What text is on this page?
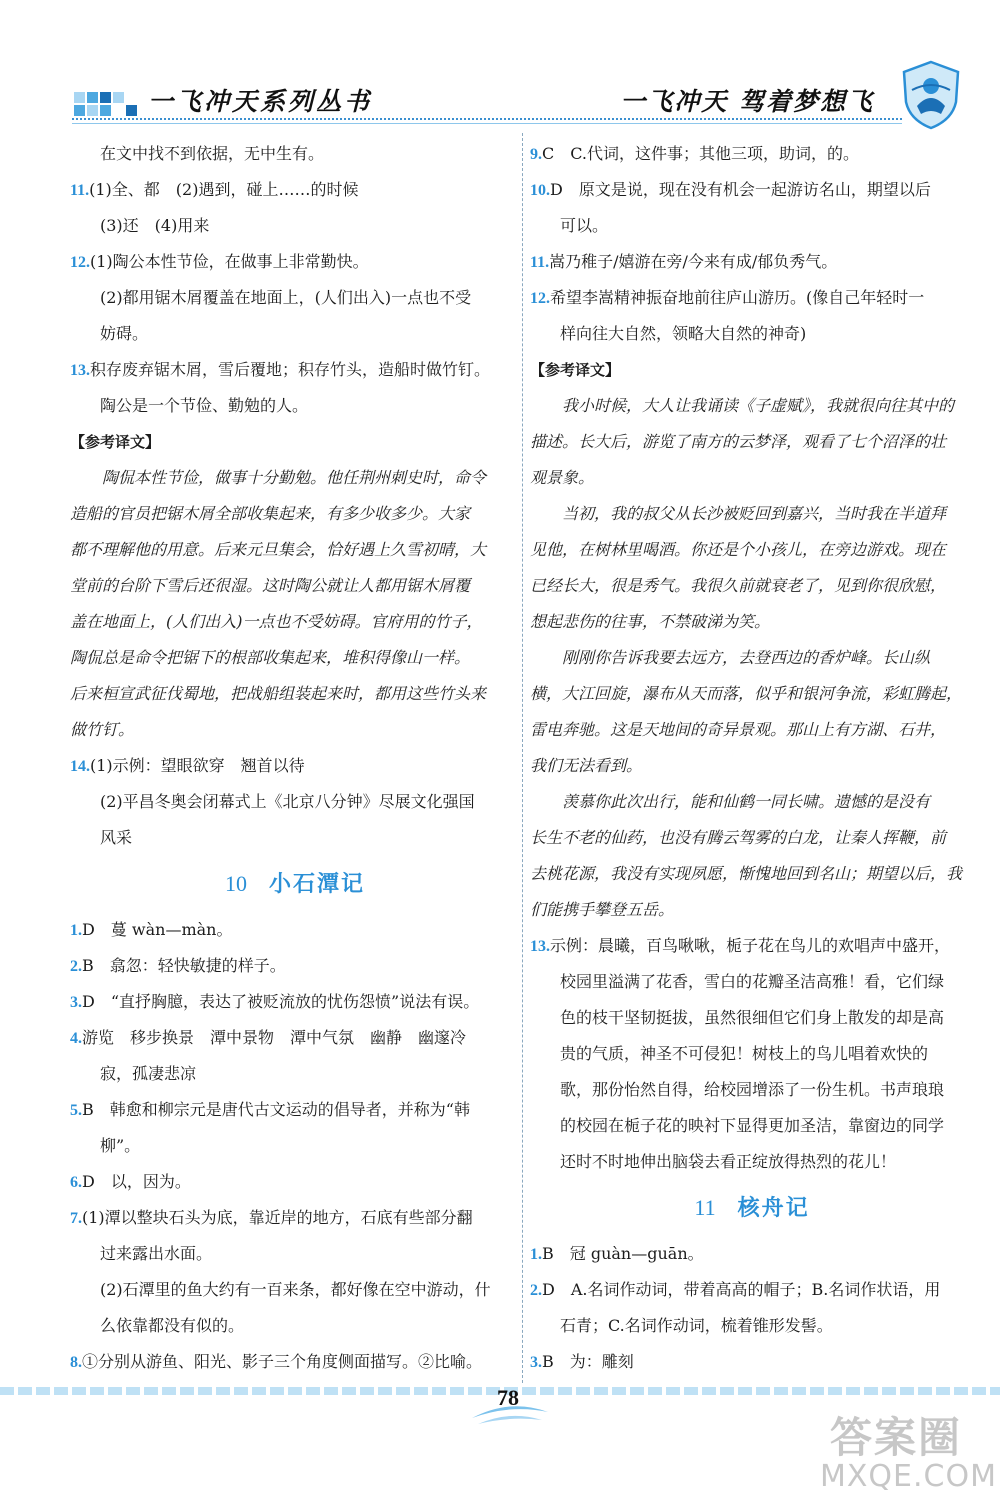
一飞冲天系列丛书	一飞冲天 驾着梦想飞
在文中找不到依据，无中生有。
11.(1)全、都　(2)遇到，碰上……的时候
(3)还　(4)用来
12.(1)陶公本性节俭，在做事上非常勤快。
(2)都用锯木屑覆盖在地面上，(人们出入)一点也不受
妨碍。
13.积存废弃锯木屑，雪后覆地；积存竹头，造船时做竹钉。
陶公是一个节俭、勤勉的人。
【参考译文】
陶侃本性节俭，做事十分勤勉。他任荆州刺史时，命令
造船的官员把锯木屑全部收集起来，有多少收多少。大家
都不理解他的用意。后来元旦集会，恰好遇上久雪初晴，大
堂前的台阶下雪后还很湿。这时陶公就让人都用锯木屑覆
盖在地面上，(人们出入)一点也不受妨碍。官府用的竹子，
陶侃总是命令把锯下的根部收集起来，堆积得像山一样。
后来桓宣武征伐蜀地，把战船组装起来时，都用这些竹头来
做竹钉。
14.(1)示例：望眼欲穿　翘首以待
(2)平昌冬奥会闭幕式上《北京八分钟》尽展文化强国
风采
10 小石潭记
1.D　蔓 wàn—màn。
2.B　翕忽：轻快敏捷的样子。
3.D　“直抒胸臆，表达了被贬流放的忧伤怨愤”说法有误。
4.游览　移步换景　潭中景物　潭中气氛　幽静　幽邃冷
寂，孤凄悲凉
5.B　韩愈和柳宗元是唐代古文运动的倡导者，并称为“韩
柳”。
6.D　以，因为。
7.(1)潭以整块石头为底，靠近岸的地方，石底有些部分翻
过来露出水面。
(2)石潭里的鱼大约有一百来条，都好像在空中游动，什
么依靠都没有似的。
8.①分别从游鱼、阳光、影子三个角度侧面描写。②比喻。
9.C　C.代词，这件事；其他三项，助词，的。
10.D　原文是说，现在没有机会一起游访名山，期望以后
可以。
11.嵩乃稚子/嬉游在旁/今来有成/郁负秀气。
12.希望李嵩精神振奋地前往庐山游历。(像自己年轻时一
样向往大自然，领略大自然的神奇)
【参考译文】
我小时候，大人让我诵读《子虚赋》，我就很向往其中的
描述。长大后，游览了南方的云梦泽，观看了七个沼泽的壮
观景象。
当初，我的叔父从长沙被贬回到嘉兴，当时我在半道拜
见他，在树林里喝酒。你还是个小孩儿，在旁边游戏。现在
已经长大，很是秀气。我很久前就衰老了，见到你很欣慰，
想起悲伤的往事，不禁破涕为笑。
刚刚你告诉我要去远方，去登西边的香炉峰。长山纵
横，大江回旋，瀑布从天而落，似乎和银河争流，彩虹腾起，
雷电奔驰。这是天地间的奇异景观。那山上有方湖、石井，
我们无法看到。
羡慕你此次出行，能和仙鹤一同长啸。遗憾的是没有
长生不老的仙药，也没有腾云驾雾的白龙，让秦人挥鞭，前
去桃花源，我没有实现夙愿，惭愧地回到名山；期望以后，我
们能携手攀登五岳。
13.示例：晨曦，百鸟啾啾，栀子花在鸟儿的欢唱声中盛开，
校园里溢满了花香，雪白的花瓣圣洁高雅！看，它们绿
色的枝干坚韧挺拔，虽然很细但它们身上散发的却是高
贵的气质，神圣不可侵犯！树枝上的鸟儿唱着欢快的
歌，那份怡然自得，给校园增添了一份生机。书声琅琅
的校园在栀子花的映衬下显得更加圣洁，靠窗边的同学
还时不时地伸出脑袋去看正绽放得热烈的花儿！
11 核舟记
1.B　冠 guàn—guān。
2.D　A.名词作动词，带着高高的帽子；B.名词作状语，用
石青；C.名词作动词，梳着锥形发髻。
3.B　为：雕刻
78
答案圈
MXQE.COM
